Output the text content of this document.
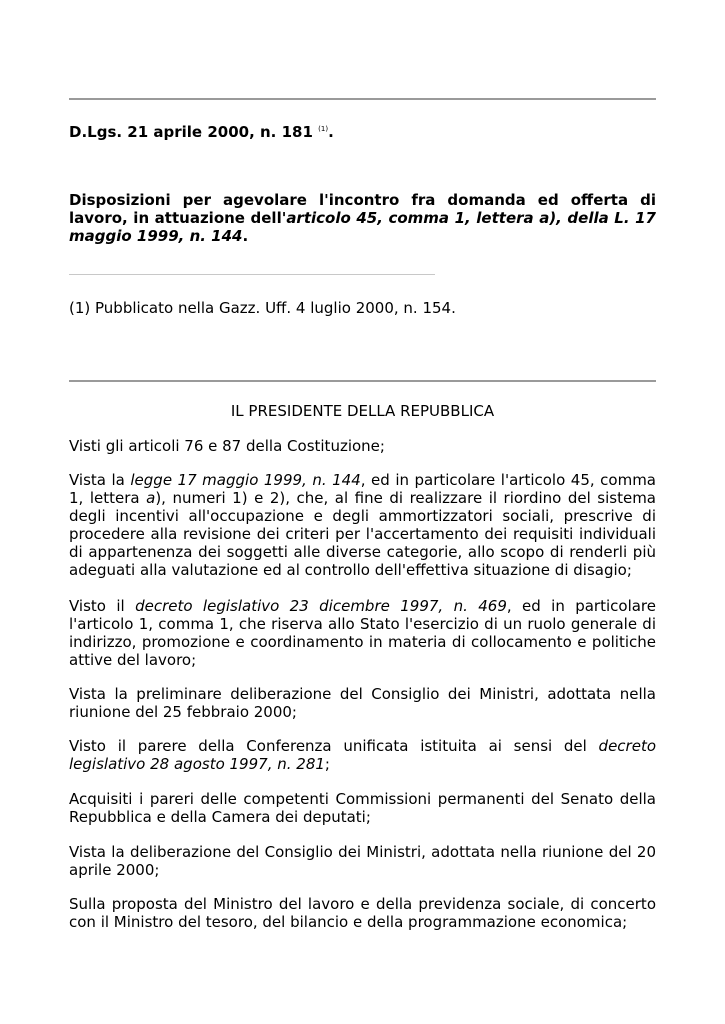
D.Lgs. 21 aprile 2000, n. 181 $^{(1)}$.
Disposizioni per agevolare l'incontro fra domanda ed offerta di lavoro, in attuazione dell'articolo 45, comma 1, lettera a), della L. 17 maggio 1999, n. 144.
(1) Pubblicato nella Gazz. Uff. 4 luglio 2000, n. 154.
IL PRESIDENTE DELLA REPUBBLICA
Visti gli articoli 76 e 87 della Costituzione;
Vista la legge 17 maggio 1999, n. 144, ed in particolare l'articolo 45, comma 1, lettera a), numeri 1) e 2), che, al fine di realizzare il riordino del sistema degli incentivi all'occupazione e degli ammortizzatori sociali, prescrive di procedere alla revisione dei criteri per l'accertamento dei requisiti individuali di appartenenza dei soggetti alle diverse categorie, allo scopo di renderli più adeguati alla valutazione ed al controllo dell'effettiva situazione di disagio;
Visto il decreto legislativo 23 dicembre 1997, n. 469, ed in particolare l'articolo 1, comma 1, che riserva allo Stato l'esercizio di un ruolo generale di indirizzo, promozione e coordinamento in materia di collocamento e politiche attive del lavoro;
Vista la preliminare deliberazione del Consiglio dei Ministri, adottata nella riunione del 25 febbraio 2000;
Visto il parere della Conferenza unificata istituita ai sensi del decreto legislativo 28 agosto 1997, n. 281;
Acquisiti i pareri delle competenti Commissioni permanenti del Senato della Repubblica e della Camera dei deputati;
Vista la deliberazione del Consiglio dei Ministri, adottata nella riunione del 20 aprile 2000;
Sulla proposta del Ministro del lavoro e della previdenza sociale, di concerto con il Ministro del tesoro, del bilancio e della programmazione economica;
